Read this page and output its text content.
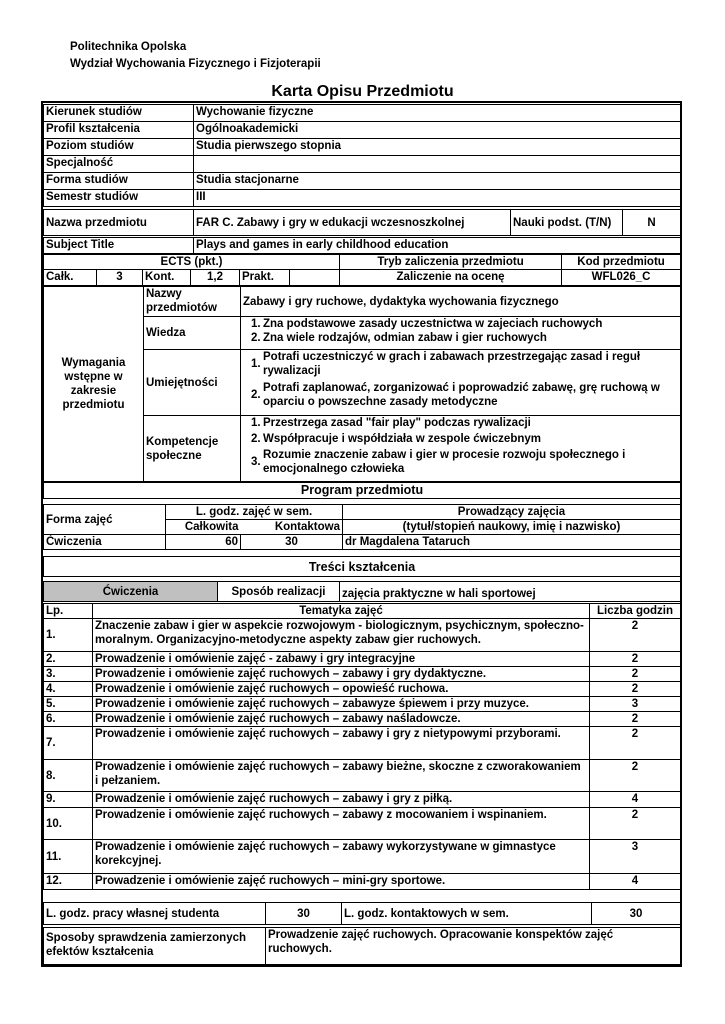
Politechnika Opolska
Wydział Wychowania Fizycznego i Fizjoterapii
Karta Opisu Przedmiotu
Kierunek studiów	Wychowanie fizyczne
Profil kształcenia	Ogólnoakademicki
Poziom studiów	Studia pierwszego stopnia
Specjalność	
Forma studiów	Studia stacjonarne
Semestr studiów	III
Nazwa przedmiotu	FAR C. Zabawy i gry w edukacji wczesnoszkolnej	Nauki podst. (T/N)	N
Subject Title	Plays and games in early childhood education
ECTS (pkt.)						Tryb zaliczenia przedmiotu	Kod przedmiotu
Całk.	3	Kont.	1,2	Prakt.		Zaliczenie na ocenę	WFL026_C
Wymagania wstępne w zakresie przedmiotu	Nazwy przedmiotów	Zabawy i gry ruchowe, dydaktyka wychowania fizycznego
	Wiedza	1. Zna podstawowe zasady uczestnictwa w zajeciach ruchowych
2. Zna wiele rodzajów, odmian zabaw i gier ruchowych

	Umiejętności	1.
Potrafi uczestniczyć w grach i zabawach przestrzegając zasad i reguł rywalizacji
2.
Potrafi zaplanować, zorganizować i poprowadzić zabawę, grę ruchową w oparciu o powszechne zasady metodyczne

	Kompetencje społeczne	1. Przestrzega zasad "fair play" podczas rywalizacji
2. Współpracuje i współdziała w zespole ćwiczebnym
3.
Rozumie znaczenie zabaw i gier w procesie rozwoju społecznego i emocjonalnego człowieka
Program przedmiotu
Forma zajęć	L. godz. zajęć w sem.		Prowadzący zajęcia
	Całkowita	Kontaktowa	(tytuł/stopień naukowy, imię i nazwisko)
Ćwiczenia	60	30	dr Magdalena Tataruch
Treści kształcenia
Ćwiczenia	Sposób realizacji	zajęcia praktyczne w hali sportowej
Lp.	Tematyka zajęć	Liczba godzin
1.	Znaczenie zabaw i gier w aspekcie rozwojowym - biologicznym, psychicznym, społeczno-moralnym. Organizacyjno-metodyczne aspekty zabaw gier ruchowych.	2
2.	Prowadzenie i omówienie zajęć - zabawy i gry integracyjne	2
3.	Prowadzenie i omówienie zajęć ruchowych – zabawy i gry dydaktyczne.	2
4.	Prowadzenie i omówienie zajęć ruchowych – opowieść ruchowa.	2
5.	Prowadzenie i omówienie zajęć ruchowych – zabawyze śpiewem i przy muzyce.	3
6.	Prowadzenie i omówienie zajęć ruchowych – zabawy naśladowcze.	2
7.	Prowadzenie i omówienie zajęć ruchowych – zabawy i gry z nietypowymi przyborami.	2
8.	Prowadzenie i omówienie zajęć ruchowych – zabawy bieżne, skoczne z czworakowaniem i pełzaniem.	2
9.	Prowadzenie i omówienie zajęć ruchowych – zabawy i gry z piłką.	4
10.	Prowadzenie i omówienie zajęć ruchowych – zabawy z mocowaniem i wspinaniem.	2
11.	Prowadzenie i omówienie zajęć ruchowych – zabawy wykorzystywane w gimnastyce korekcyjnej.	3
12.	Prowadzenie i omówienie zajęć ruchowych – mini-gry sportowe.	4
L. godz. pracy własnej studenta	30	L. godz. kontaktowych w sem.	30
Sposoby sprawdzenia zamierzonych efektów kształcenia	Prowadzenie zajęć ruchowych. Opracowanie konspektów zajęć ruchowych.
